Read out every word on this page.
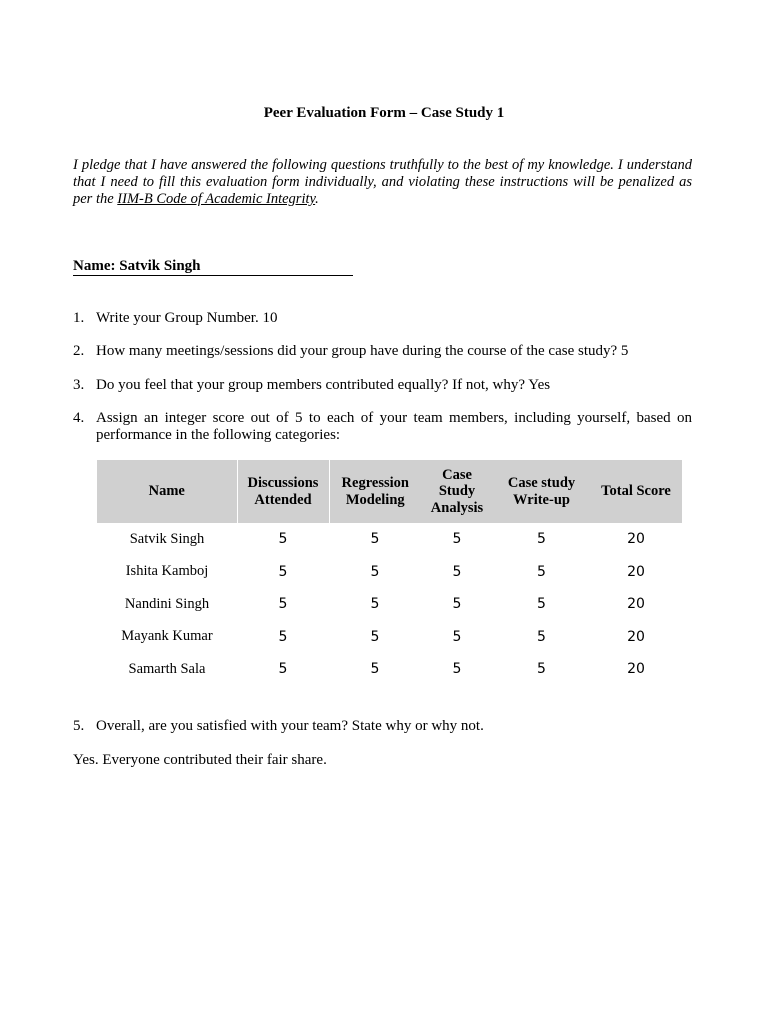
Peer Evaluation Form – Case Study 1
I pledge that I have answered the following questions truthfully to the best of my knowledge. I understand that I need to fill this evaluation form individually, and violating these instructions will be penalized as per the IIM-B Code of Academic Integrity.
Name: Satvik Singh
1. Write your Group Number. 10
2. How many meetings/sessions did your group have during the course of the case study? 5
3. Do you feel that your group members contributed equally? If not, why? Yes
4. Assign an integer score out of 5 to each of your team members, including yourself, based on performance in the following categories:
Name	Discussions Attended	Regression Modeling	Case Study Analysis	Case study Write-up	Total Score
Satvik Singh	5	5	5	5	20
Ishita Kamboj	5	5	5	5	20
Nandini Singh	5	5	5	5	20
Mayank Kumar	5	5	5	5	20
Samarth Sala	5	5	5	5	20
5. Overall, are you satisfied with your team? State why or why not.
Yes. Everyone contributed their fair share.
